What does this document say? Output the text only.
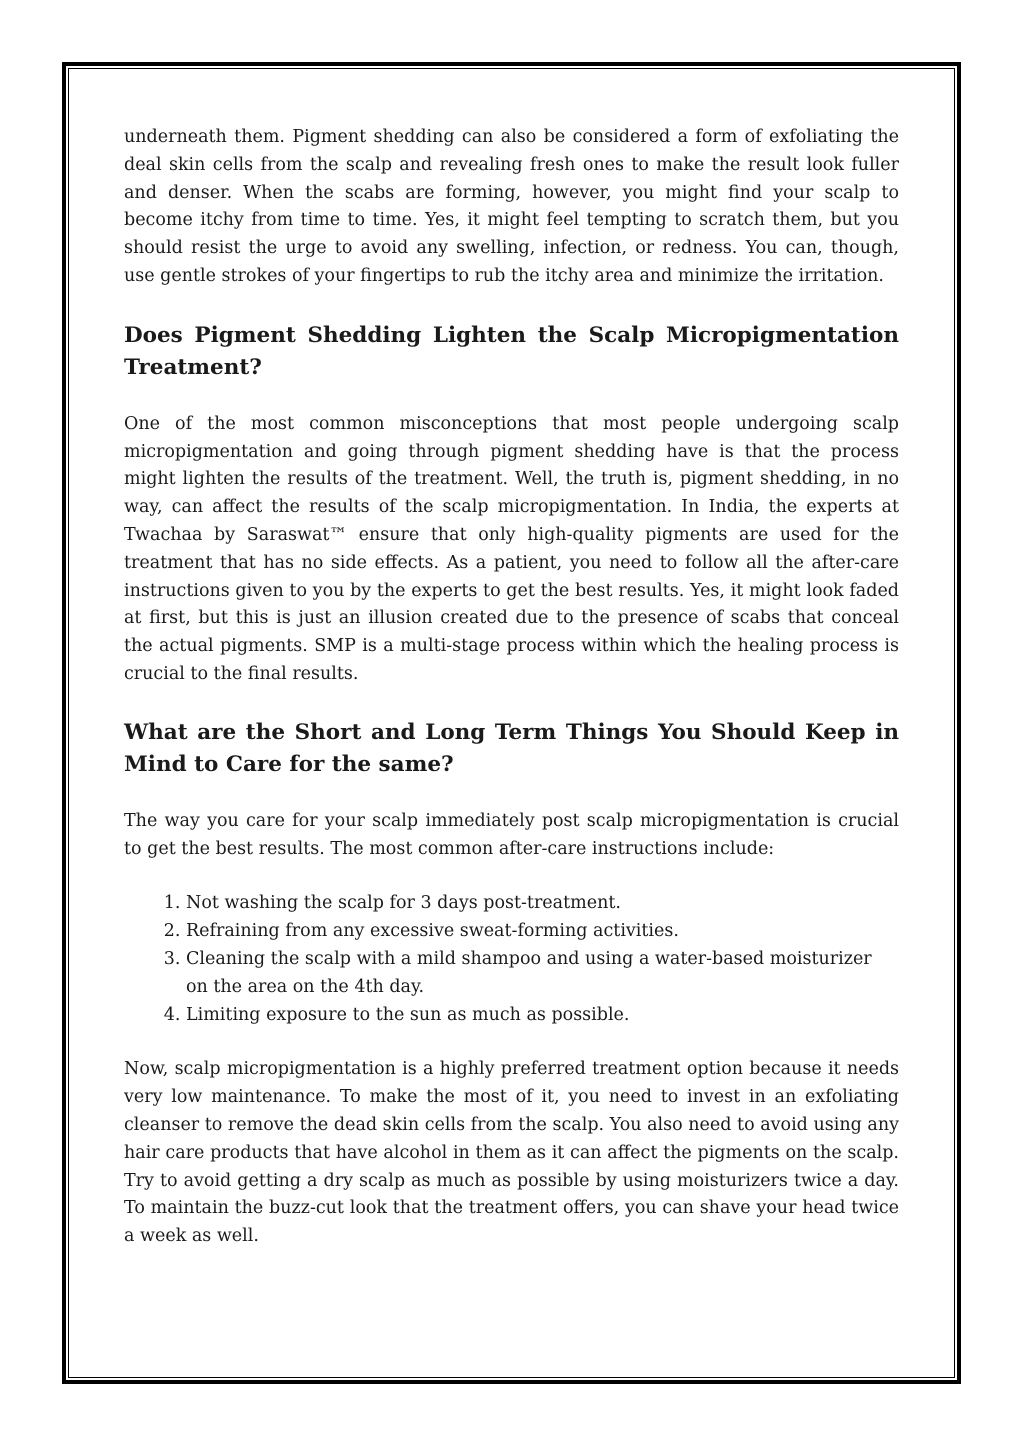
underneath them. Pigment shedding can also be considered a form of exfoliating the deal skin cells from the scalp and revealing fresh ones to make the result look fuller and denser. When the scabs are forming, however, you might find your scalp to become itchy from time to time. Yes, it might feel tempting to scratch them, but you should resist the urge to avoid any swelling, infection, or redness. You can, though, use gentle strokes of your fingertips to rub the itchy area and minimize the irritation.

Does Pigment Shedding Lighten the Scalp Micropigmentation Treatment?

One of the most common misconceptions that most people undergoing scalp micropigmentation and going through pigment shedding have is that the process might lighten the results of the treatment. Well, the truth is, pigment shedding, in no way, can affect the results of the scalp micropigmentation. In India, the experts at Twachaa by Saraswat™ ensure that only high-quality pigments are used for the treatment that has no side effects. As a patient, you need to follow all the after-care instructions given to you by the experts to get the best results. Yes, it might look faded at first, but this is just an illusion created due to the presence of scabs that conceal the actual pigments. SMP is a multi-stage process within which the healing process is crucial to the final results.

What are the Short and Long Term Things You Should Keep in Mind to Care for the same?

The way you care for your scalp immediately post scalp micropigmentation is crucial to get the best results. The most common after-care instructions include:

1. Not washing the scalp for 3 days post-treatment.
2. Refraining from any excessive sweat-forming activities.
3. Cleaning the scalp with a mild shampoo and using a water-based moisturizer on the area on the 4th day.
4. Limiting exposure to the sun as much as possible.

Now, scalp micropigmentation is a highly preferred treatment option because it needs very low maintenance. To make the most of it, you need to invest in an exfoliating cleanser to remove the dead skin cells from the scalp. You also need to avoid using any hair care products that have alcohol in them as it can affect the pigments on the scalp. Try to avoid getting a dry scalp as much as possible by using moisturizers twice a day. To maintain the buzz-cut look that the treatment offers, you can shave your head twice a week as well.
